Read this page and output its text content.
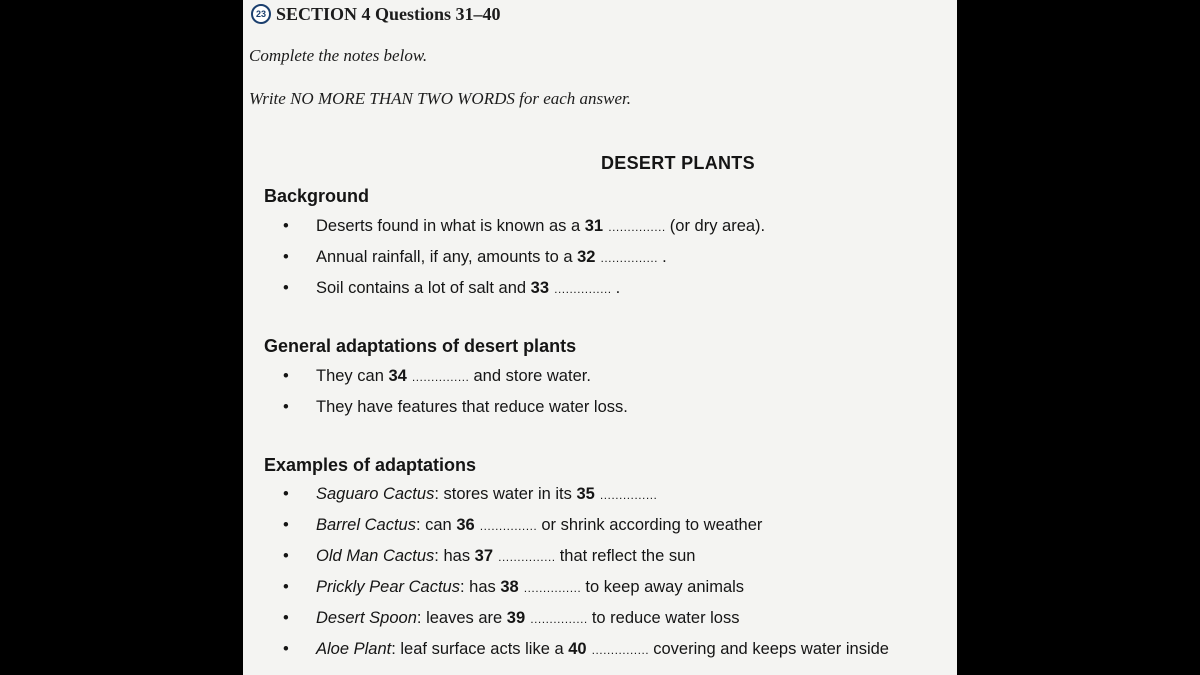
23 SECTION 4 Questions 31–40
Complete the notes below.
Write NO MORE THAN TWO WORDS for each answer.
DESERT PLANTS
Background
• Deserts found in what is known as a 31 …………… (or dry area).
• Annual rainfall, if any, amounts to a 32 …………… .
• Soil contains a lot of salt and 33 …………… .
General adaptations of desert plants
• They can 34 …………… and store water.
• They have features that reduce water loss.
Examples of adaptations
• Saguaro Cactus: stores water in its 35 ……………
• Barrel Cactus: can 36 …………… or shrink according to weather
• Old Man Cactus: has 37 …………… that reflect the sun
• Prickly Pear Cactus: has 38 …………… to keep away animals
• Desert Spoon: leaves are 39 …………… to reduce water loss
• Aloe Plant: leaf surface acts like a 40 …………… covering and keeps water inside
